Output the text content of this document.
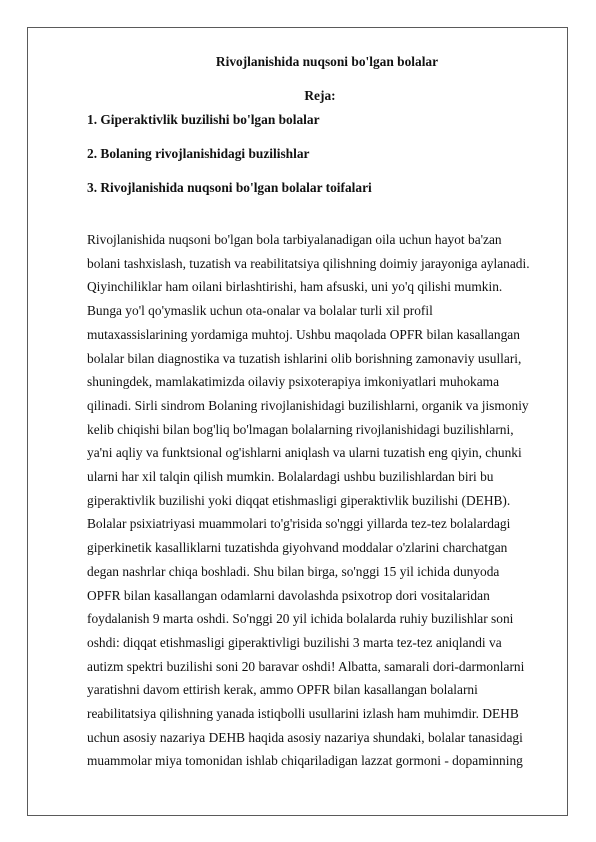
Rivojlanishida nuqsoni bo'lgan bolalar

Reja:

1. Giperaktivlik buzilishi bo'lgan bolalar
2. Bolaning rivojlanishidagi buzilishlar
3. Rivojlanishida nuqsoni bo'lgan bolalar toifalari
Rivojlanishida nuqsoni bo'lgan bola tarbiyalanadigan oila uchun hayot ba'zan
bolani tashxislash, tuzatish va reabilitatsiya qilishning doimiy jarayoniga aylanadi.
Qiyinchiliklar ham oilani birlashtirishi, ham afsuski, uni yo'q qilishi mumkin.
Bunga yo'l qo'ymaslik uchun ota-onalar va bolalar turli xil profil
mutaxassislarining yordamiga muhtoj. Ushbu maqolada OPFR bilan kasallangan
bolalar bilan diagnostika va tuzatish ishlarini olib borishning zamonaviy usullari,
shuningdek, mamlakatimizda oilaviy psixoterapiya imkoniyatlari muhokama
qilinadi. Sirli sindrom Bolaning rivojlanishidagi buzilishlarni, organik va jismoniy
kelib chiqishi bilan bog'liq bo'lmagan bolalarning rivojlanishidagi buzilishlarni,
ya'ni aqliy va funktsional og'ishlarni aniqlash va ularni tuzatish eng qiyin, chunki
ularni har xil talqin qilish mumkin. Bolalardagi ushbu buzilishlardan biri bu
giperaktivlik buzilishi yoki diqqat etishmasligi giperaktivlik buzilishi (DEHB).
Bolalar psixiatriyasi muammolari to'g'risida so'nggi yillarda tez-tez bolalardagi
giperkinetik kasalliklarni tuzatishda giyohvand moddalar o'zlarini charchatgan
degan nashrlar chiqa boshladi. Shu bilan birga, so'nggi 15 yil ichida dunyoda
OPFR bilan kasallangan odamlarni davolashda psixotrop dori vositalaridan
foydalanish 9 marta oshdi. So'nggi 20 yil ichida bolalarda ruhiy buzilishlar soni
oshdi: diqqat etishmasligi giperaktivligi buzilishi 3 marta tez-tez aniqlandi va
autizm spektri buzilishi soni 20 baravar oshdi! Albatta, samarali dori-darmonlarni
yaratishni davom ettirish kerak, ammo OPFR bilan kasallangan bolalarni
reabilitatsiya qilishning yanada istiqbolli usullarini izlash ham muhimdir. DEHB
uchun asosiy nazariya DEHB haqida asosiy nazariya shundaki, bolalar tanasidagi
muammolar miya tomonidan ishlab chiqariladigan lazzat gormoni - dopaminning
